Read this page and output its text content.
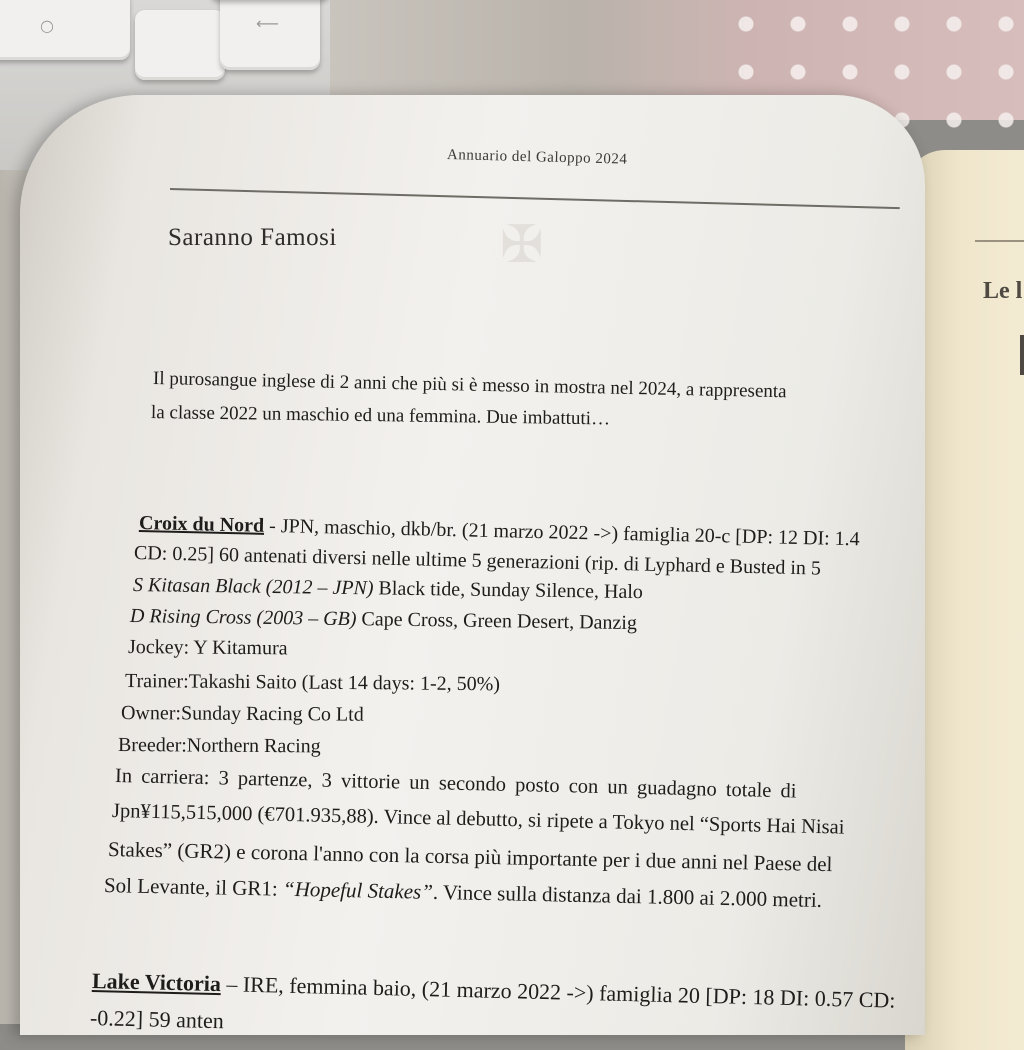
○	⟵
Le l
Annuario del Galoppo 2024
✠
Saranno Famosi
Il purosangue inglese di 2 anni che più si è messo in mostra nel 2024, a rappresenta
la classe 2022 un maschio ed una femmina. Due imbattuti…
Croix du Nord - JPN, maschio, dkb/br. (21 marzo 2022 ->) famiglia 20-c [DP: 12 DI: 1.4
CD: 0.25] 60 antenati diversi nelle ultime 5 generazioni (rip. di Lyphard e Busted in 5
S Kitasan Black (2012 – JPN) Black tide, Sunday Silence, Halo
D Rising Cross (2003 – GB) Cape Cross, Green Desert, Danzig
Jockey: Y Kitamura
Trainer:Takashi Saito (Last 14 days: 1-2, 50%)
Owner:Sunday Racing Co Ltd
Breeder:Northern Racing
In carriera: 3 partenze, 3 vittorie un secondo posto con un guadagno totale di
Jpn¥115,515,000 (€701.935,88). Vince al debutto, si ripete a Tokyo nel “Sports Hai Nisai
Stakes” (GR2) e corona l'anno con la corsa più importante per i due anni nel Paese del
Sol Levante, il GR1: “Hopeful Stakes”. Vince sulla distanza dai 1.800 ai 2.000 metri.
Lake Victoria – IRE, femmina baio, (21 marzo 2022 ->) famiglia 20 [DP: 18 DI: 0.57 CD:
-0.22] 59 anten
